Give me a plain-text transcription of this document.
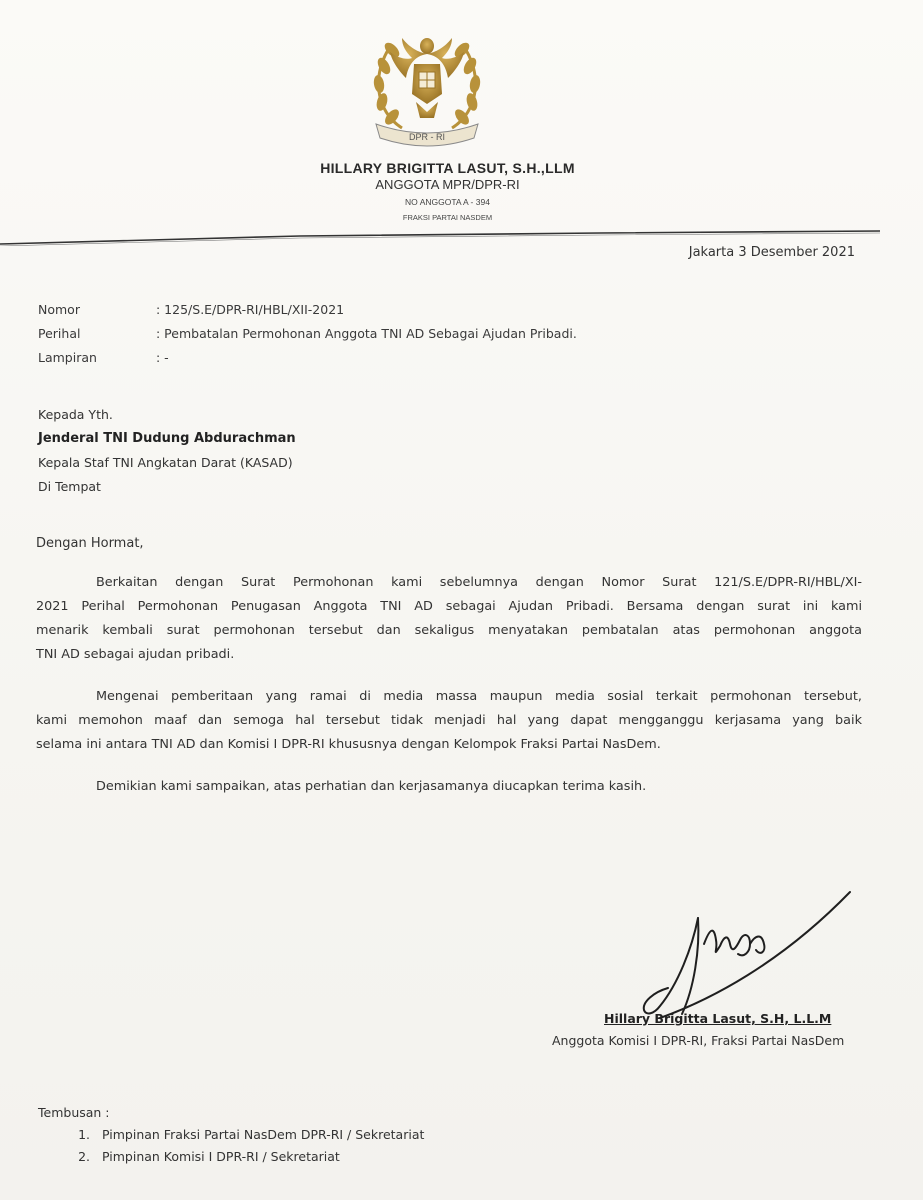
DPR - RI
HILLARY BRIGITTA LASUT, S.H.,LLM
ANGGOTA MPR/DPR-RI
NO ANGGOTA A - 394
FRAKSI PARTAI NASDEM
Jakarta 3 Desember 2021
Nomor	: 125/S.E/DPR-RI/HBL/XII-2021
Perihal	: Pembatalan Permohonan Anggota TNI AD Sebagai Ajudan Pribadi.
Lampiran	: -
Kepada Yth.
Jenderal TNI Dudung Abdurachman
Kepala Staf TNI Angkatan Darat (KASAD)
Di Tempat
Dengan Hormat,
Berkaitan dengan Surat Permohonan kami sebelumnya dengan Nomor Surat 121/S.E/DPR-RI/HBL/XI-
2021 Perihal Permohonan Penugasan Anggota TNI AD sebagai Ajudan Pribadi. Bersama dengan surat ini kami
menarik kembali surat permohonan tersebut dan sekaligus menyatakan pembatalan atas permohonan anggota
TNI AD sebagai ajudan pribadi.
Mengenai pemberitaan yang ramai di media massa maupun media sosial terkait permohonan tersebut,
kami memohon maaf dan semoga hal tersebut tidak menjadi hal yang dapat mengganggu kerjasama yang baik
selama ini antara TNI AD dan Komisi I DPR-RI khususnya dengan Kelompok Fraksi Partai NasDem.
Demikian kami sampaikan, atas perhatian dan kerjasamanya diucapkan terima kasih.
Hillary Brigitta Lasut, S.H, L.L.M
Anggota Komisi I DPR-RI, Fraksi Partai NasDem
Tembusan :
1. Pimpinan Fraksi Partai NasDem DPR-RI / Sekretariat
2. Pimpinan Komisi I DPR-RI / Sekretariat
